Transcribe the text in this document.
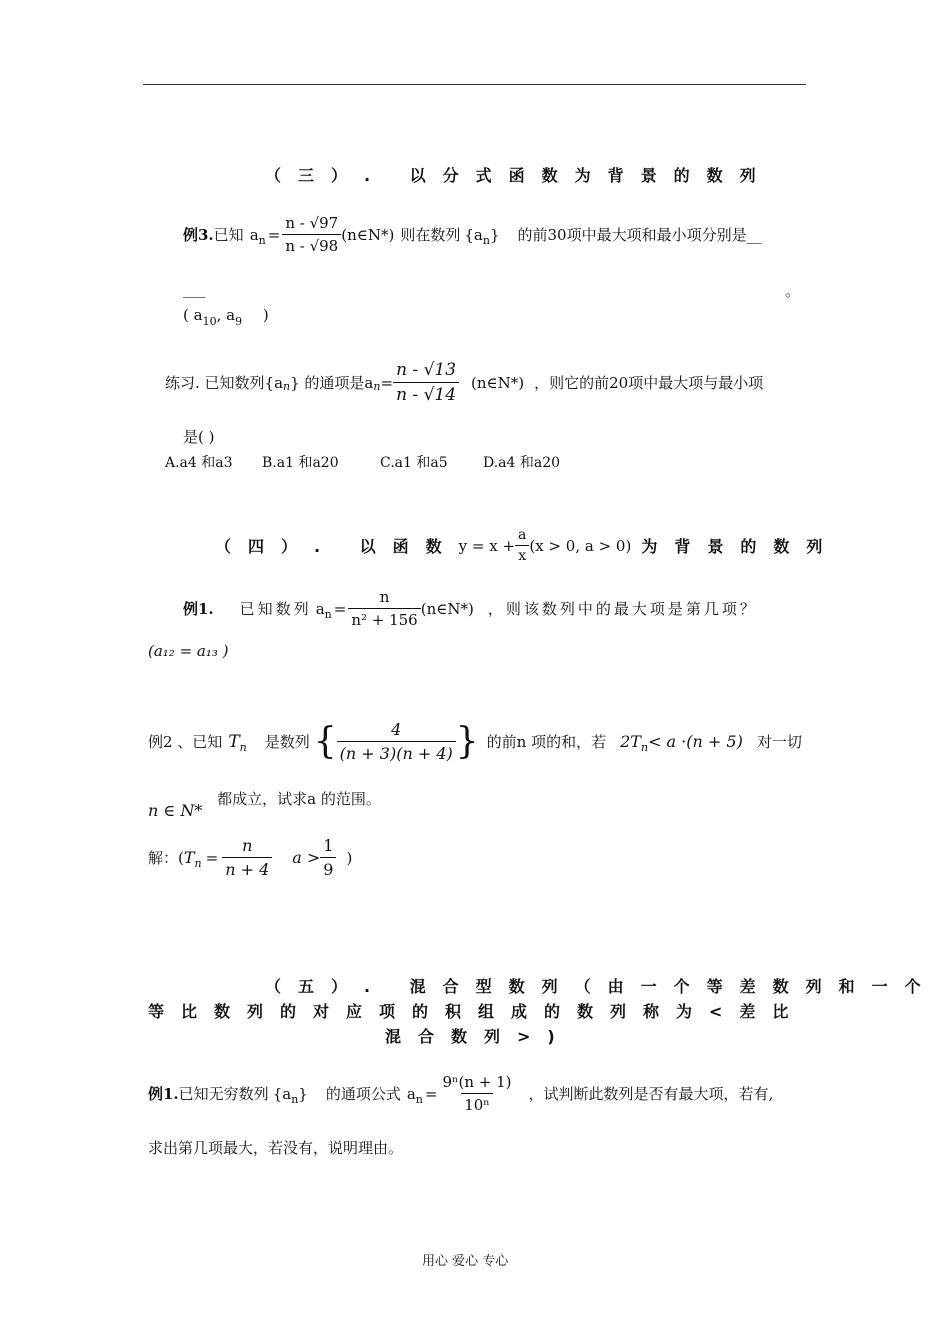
（三）. 以分式函数为背景的数列
例3. 已知 a $n = \frac{n - √97}{n - √98}$ (n∈N*) 则在数列 {a n } 的前30项中最大项和最小项分别是__
___	。
( $a_{10}$, $a_9$ )
练习. 已知数列{a n } 的通项是a $n = \frac{n - √13}{n - √14}$ (n∈N*) ，则它的前20项中最大项与最小项
是( )
A.a4 和a3 B.a1 和a20	C.a1 和a5	D.a4 和a20
（四）. 以函数 $y = x + \frac{a}{x} (x > 0$, a > 0) 为背景的数列
例1. 已知数列 a $n = \frac{n}{\text{n² + 156}}$ (n∈N*) ，则该数列中的最大项是第几项？
(a₁₂ = a₁₃ )
例2 、已知 T n 是数列 { $\frac{4}{(n + 3)(n + 4)}$ } 的前n 项的和，若 2T n < a ·(n + 5) 对一切
n ∈ N* 都成立，试求a 的范围。
解：( T $n = \frac{n}{n + 4}$ $a > \frac{1}{9}$ )
（五）. 混合型数列（由一个等差数列和一个
等比数列的对应项的积组成的数列称为<差比
混合数列>)
例1. 已知无穷数列 {a n } 的通项公式 a $n = \frac{\text{9ⁿ(n + 1)}}{\text{10ⁿ}}$ ，试判断此数列是否有最大项，若有,
求出第几项最大，若没有，说明理由。
用心 爱心 专心
